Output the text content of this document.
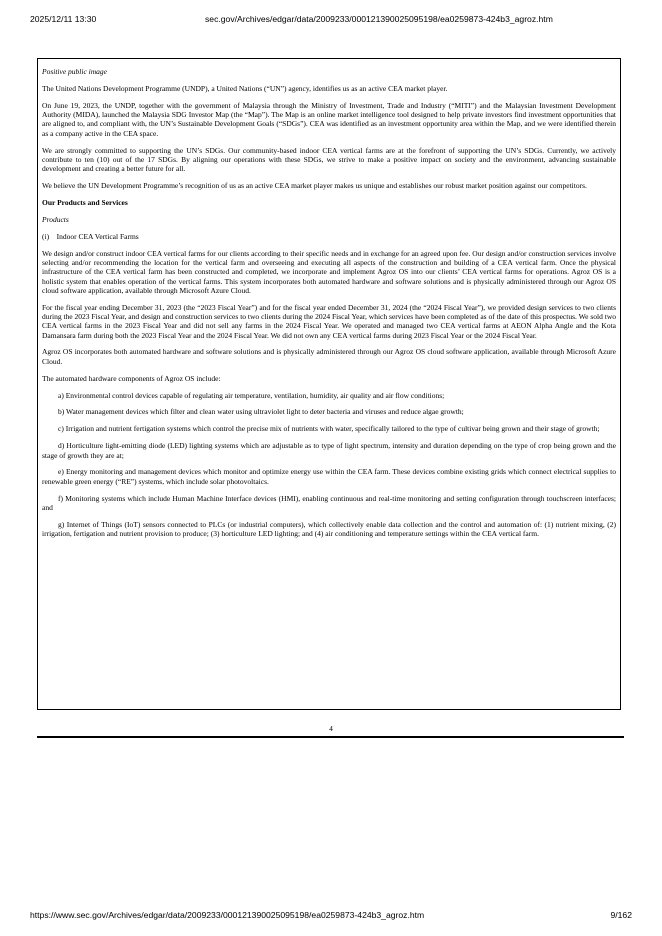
2025/12/11 13:30	sec.gov/Archives/edgar/data/2009233/000121390025095198/ea0259873-424b3_agroz.htm

Positive public image

The United Nations Development Programme (UNDP), a United Nations (“UN”) agency, identifies us as an active CEA market player.

On June 19, 2023, the UNDP, together with the government of Malaysia through the Ministry of Investment, Trade and Industry (“MITI”) and the Malaysian Investment Development Authority (MIDA), launched the Malaysia SDG Investor Map (the “Map”). The Map is an online market intelligence tool designed to help private investors find investment opportunities that are aligned to, and compliant with, the UN’s Sustainable Development Goals (“SDGs”). CEA was identified as an investment opportunity area within the Map, and we were identified therein as a company active in the CEA space.

We are strongly committed to supporting the UN’s SDGs. Our community-based indoor CEA vertical farms are at the forefront of supporting the UN’s SDGs. Currently, we actively contribute to ten (10) out of the 17 SDGs. By aligning our operations with these SDGs, we strive to make a positive impact on society and the environment, advancing sustainable development and creating a better future for all.

We believe the UN Development Programme’s recognition of us as an active CEA market player makes us unique and establishes our robust market position against our competitors.

Our Products and Services

Products

(i)    Indoor CEA Vertical Farms

We design and/or construct indoor CEA vertical farms for our clients according to their specific needs and in exchange for an agreed upon fee. Our design and/or construction services involve selecting and/or recommending the location for the vertical farm and overseeing and executing all aspects of the construction and building of a CEA vertical farm. Once the physical infrastructure of the CEA vertical farm has been constructed and completed, we incorporate and implement Agroz OS into our clients’ CEA vertical farms for operations. Agroz OS is a holistic system that enables operation of the vertical farms. This system incorporates both automated hardware and software solutions and is physically administered through our Agroz OS cloud software application, available through Microsoft Azure Cloud.

For the fiscal year ending December 31, 2023 (the “2023 Fiscal Year”) and for the fiscal year ended December 31, 2024 (the “2024 Fiscal Year”), we provided design services to two clients during the 2023 Fiscal Year, and design and construction services to two clients during the 2024 Fiscal Year, which services have been completed as of the date of this prospectus. We sold two CEA vertical farms in the 2023 Fiscal Year and did not sell any farms in the 2024 Fiscal Year. We operated and managed two CEA vertical farms at AEON Alpha Angle and the Kota Damansara farm during both the 2023 Fiscal Year and the 2024 Fiscal Year. We did not own any CEA vertical farms during 2023 Fiscal Year or the 2024 Fiscal Year.

Agroz OS incorporates both automated hardware and software solutions and is physically administered through our Agroz OS cloud software application, available through Microsoft Azure Cloud.

The automated hardware components of Agroz OS include:

a) Environmental control devices capable of regulating air temperature, ventilation, humidity, air quality and air flow conditions;

b) Water management devices which filter and clean water using ultraviolet light to deter bacteria and viruses and reduce algae growth;

c) Irrigation and nutrient fertigation systems which control the precise mix of nutrients with water, specifically tailored to the type of cultivar being grown and their stage of growth;

d) Horticulture light-emitting diode (LED) lighting systems which are adjustable as to type of light spectrum, intensity and duration depending on the type of crop being grown and the stage of growth they are at;

e) Energy monitoring and management devices which monitor and optimize energy use within the CEA farm. These devices combine existing grids which connect electrical supplies to renewable green energy (“RE”) systems, which include solar photovoltaics.

f) Monitoring systems which include Human Machine Interface devices (HMI), enabling continuous and real-time monitoring and setting configuration through touchscreen interfaces; and

g) Internet of Things (IoT) sensors connected to PLCs (or industrial computers), which collectively enable data collection and the control and automation of: (1) nutrient mixing, (2) irrigation, fertigation and nutrient provision to produce; (3) horticulture LED lighting; and (4) air conditioning and temperature settings within the CEA vertical farm.

4
https://www.sec.gov/Archives/edgar/data/2009233/000121390025095198/ea0259873-424b3_agroz.htm	9/162
